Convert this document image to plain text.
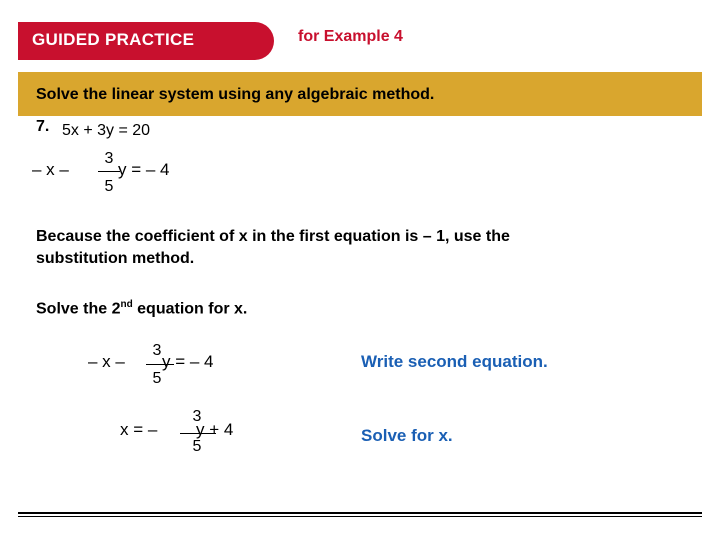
GUIDED PRACTICE	for Example 4
Solve the linear system using any algebraic method.
7. 5x + 3y = 20
– x –
3
5
y = – 4
Because the coefficient of x in the first equation is – 1, use the
substitution method.
Solve the 2nd equation for x.
– x –
3
5
y = – 4	Write second equation.
x = –
3
5
y + 4	Solve for x.
